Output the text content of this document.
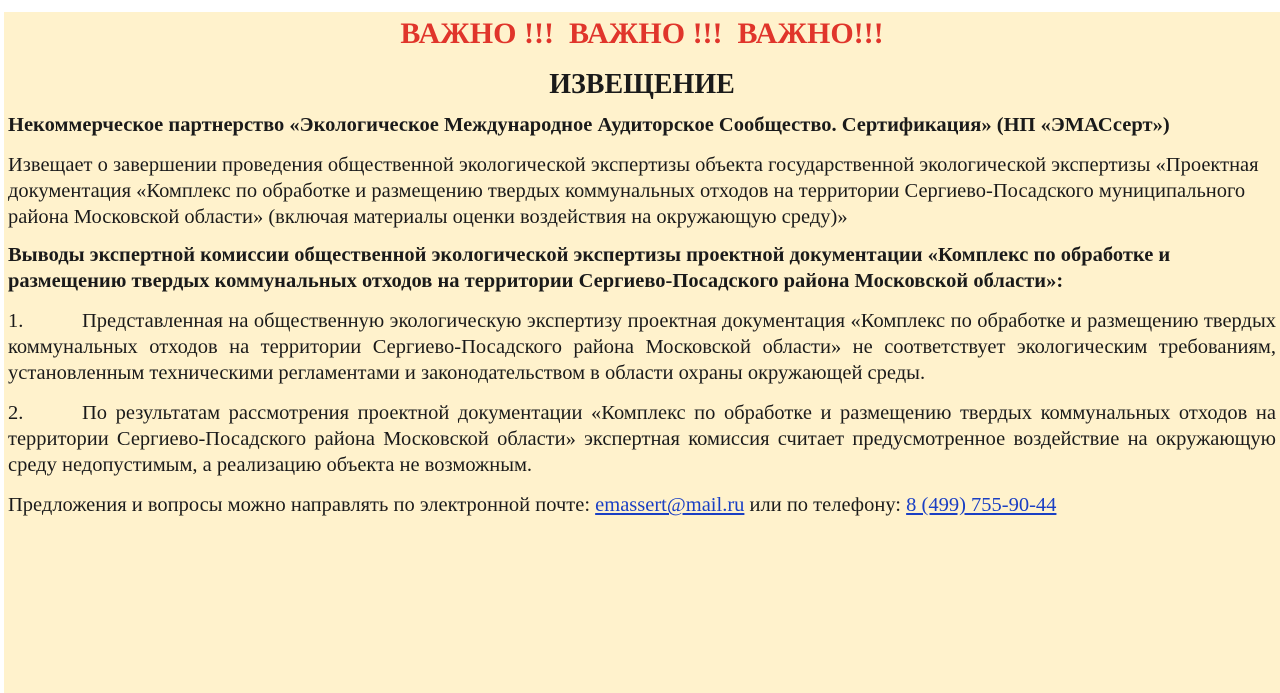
ВАЖНО !!!  ВАЖНО !!!  ВАЖНО!!!
ИЗВЕЩЕНИЕ

Некоммерческое партнерство «Экологическое Международное Аудиторское Сообщество. Сертификация» (НП «ЭМАСсерт»)

Извещает о завершении проведения общественной экологической экспертизы объекта государственной экологической экспертизы «Проектная документация «Комплекс по обработке и размещению твердых коммунальных отходов на территории Сергиево-Посадского муниципального района Московской области» (включая материалы оценки воздействия на окружающую среду)»

Выводы экспертной комиссии общественной экологической экспертизы проектной документации «Комплекс по обработке и размещению твердых коммунальных отходов на территории Сергиево-Посадского района Московской области»:

1.	Представленная на общественную экологическую экспертизу проектная документация «Комплекс по обработке и размещению твердых коммунальных отходов на территории Сергиево-Посадского района Московской области» не соответствует экологическим требованиям, установленным техническими регламентами и законодательством в области охраны окружающей среды.

2.	По результатам рассмотрения проектной документации «Комплекс по обработке и размещению твердых коммунальных отходов на территории Сергиево-Посадского района Московской области» экспертная комиссия считает предусмотренное воздействие на окружающую среду недопустимым, а реализацию объекта не возможным.

Предложения и вопросы можно направлять по электронной почте: emassert@mail.ru или по телефону: 8 (499) 755-90-44
